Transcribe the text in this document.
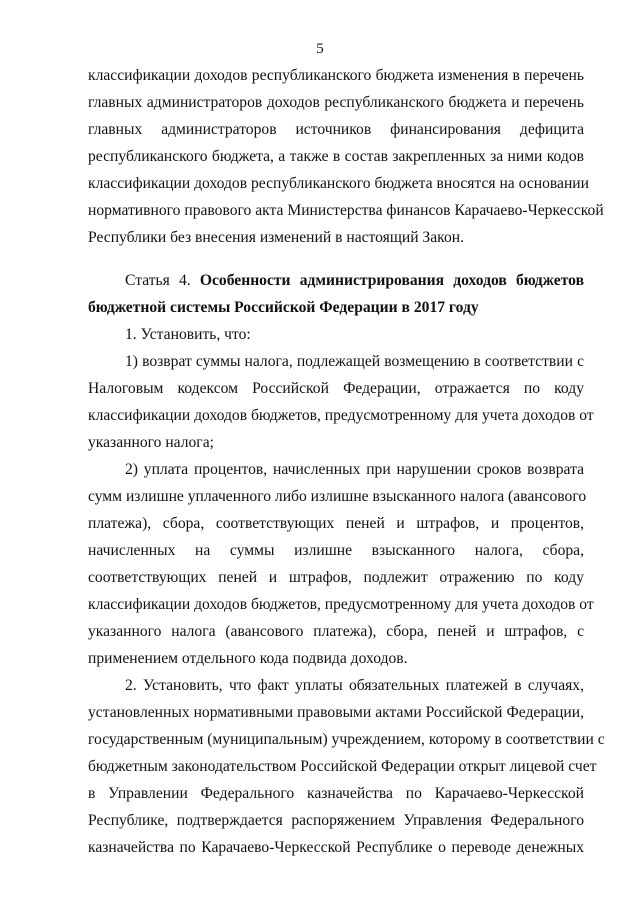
5
классификации доходов республиканского бюджета изменения в перечень
главных администраторов доходов республиканского бюджета и перечень
главных администраторов источников финансирования дефицита
республиканского бюджета, а также в состав закрепленных за ними кодов
классификации доходов республиканского бюджета вносятся на основании
нормативного правового акта Министерства финансов Карачаево-Черкесской
Республики без внесения изменений в настоящий Закон.
Статья 4. Особенности администрирования доходов бюджетов
бюджетной системы Российской Федерации в 2017 году
1. Установить, что:
1) возврат суммы налога, подлежащей возмещению в соответствии с
Налоговым кодексом Российской Федерации, отражается по коду
классификации доходов бюджетов, предусмотренному для учета доходов от
указанного налога;
2) уплата процентов, начисленных при нарушении сроков возврата
сумм излишне уплаченного либо излишне взысканного налога (авансового
платежа), сбора, соответствующих пеней и штрафов, и процентов,
начисленных на суммы излишне взысканного налога, сбора,
соответствующих пеней и штрафов, подлежит отражению по коду
классификации доходов бюджетов, предусмотренному для учета доходов от
указанного налога (авансового платежа), сбора, пеней и штрафов, с
применением отдельного кода подвида доходов.
2. Установить, что факт уплаты обязательных платежей в случаях,
установленных нормативными правовыми актами Российской Федерации,
государственным (муниципальным) учреждением, которому в соответствии с
бюджетным законодательством Российской Федерации открыт лицевой счет
в Управлении Федерального казначейства по Карачаево-Черкесской
Республике, подтверждается распоряжением Управления Федерального
казначейства по Карачаево-Черкесской Республике о переводе денежных
